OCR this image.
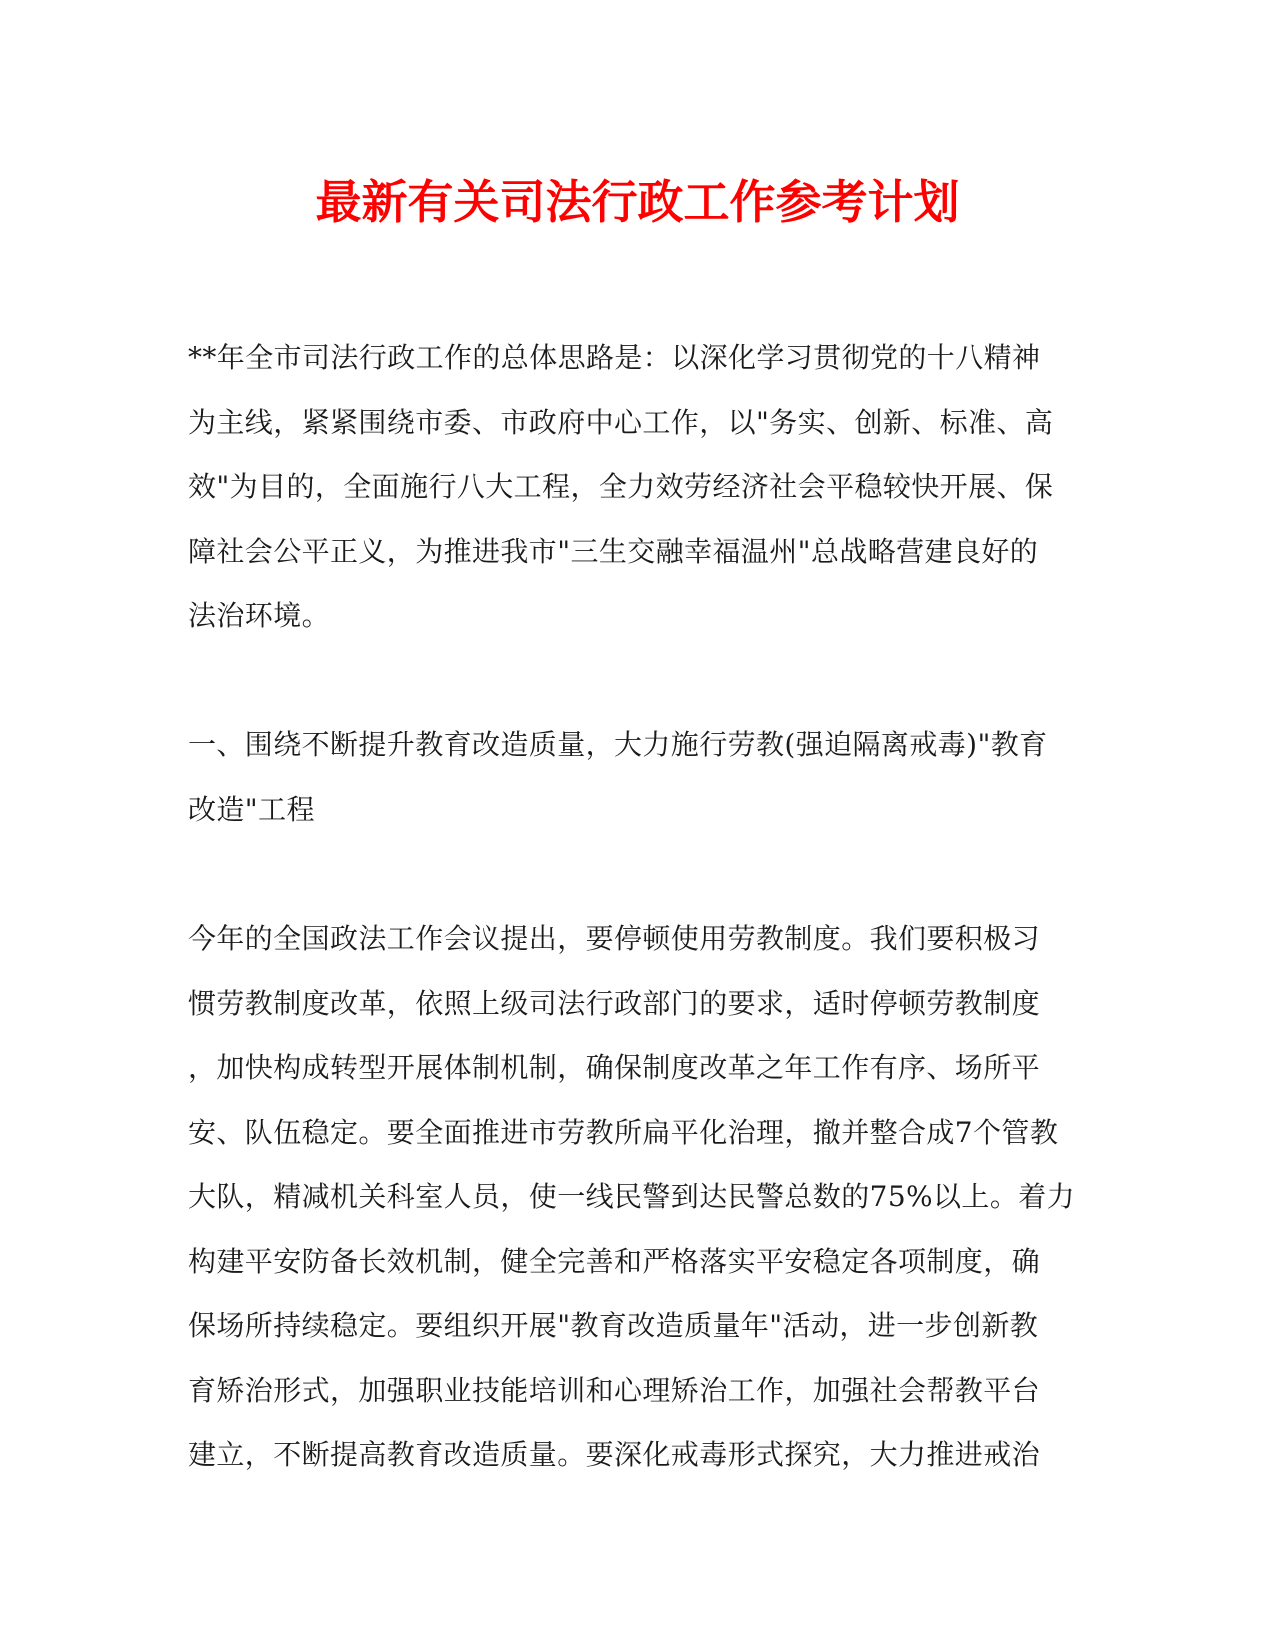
最新有关司法行政工作参考计划

**年全市司法行政工作的总体思路是：以深化学习贯彻党的十八精神
为主线，紧紧围绕市委、市政府中心工作，以"务实、创新、标准、高
效"为目的，全面施行八大工程，全力效劳经济社会平稳较快开展、保
障社会公平正义，为推进我市"三生交融幸福温州"总战略营建良好的
法治环境。

一、围绕不断提升教育改造质量，大力施行劳教(强迫隔离戒毒)"教育
改造"工程

今年的全国政法工作会议提出，要停顿使用劳教制度。我们要积极习
惯劳教制度改革，依照上级司法行政部门的要求，适时停顿劳教制度
，加快构成转型开展体制机制，确保制度改革之年工作有序、场所平
安、队伍稳定。要全面推进市劳教所扁平化治理，撤并整合成7个管教
大队，精减机关科室人员，使一线民警到达民警总数的75%以上。着力
构建平安防备长效机制，健全完善和严格落实平安稳定各项制度，确
保场所持续稳定。要组织开展"教育改造质量年"活动，进一步创新教
育矫治形式，加强职业技能培训和心理矫治工作，加强社会帮教平台
建立，不断提高教育改造质量。要深化戒毒形式探究，大力推进戒治
